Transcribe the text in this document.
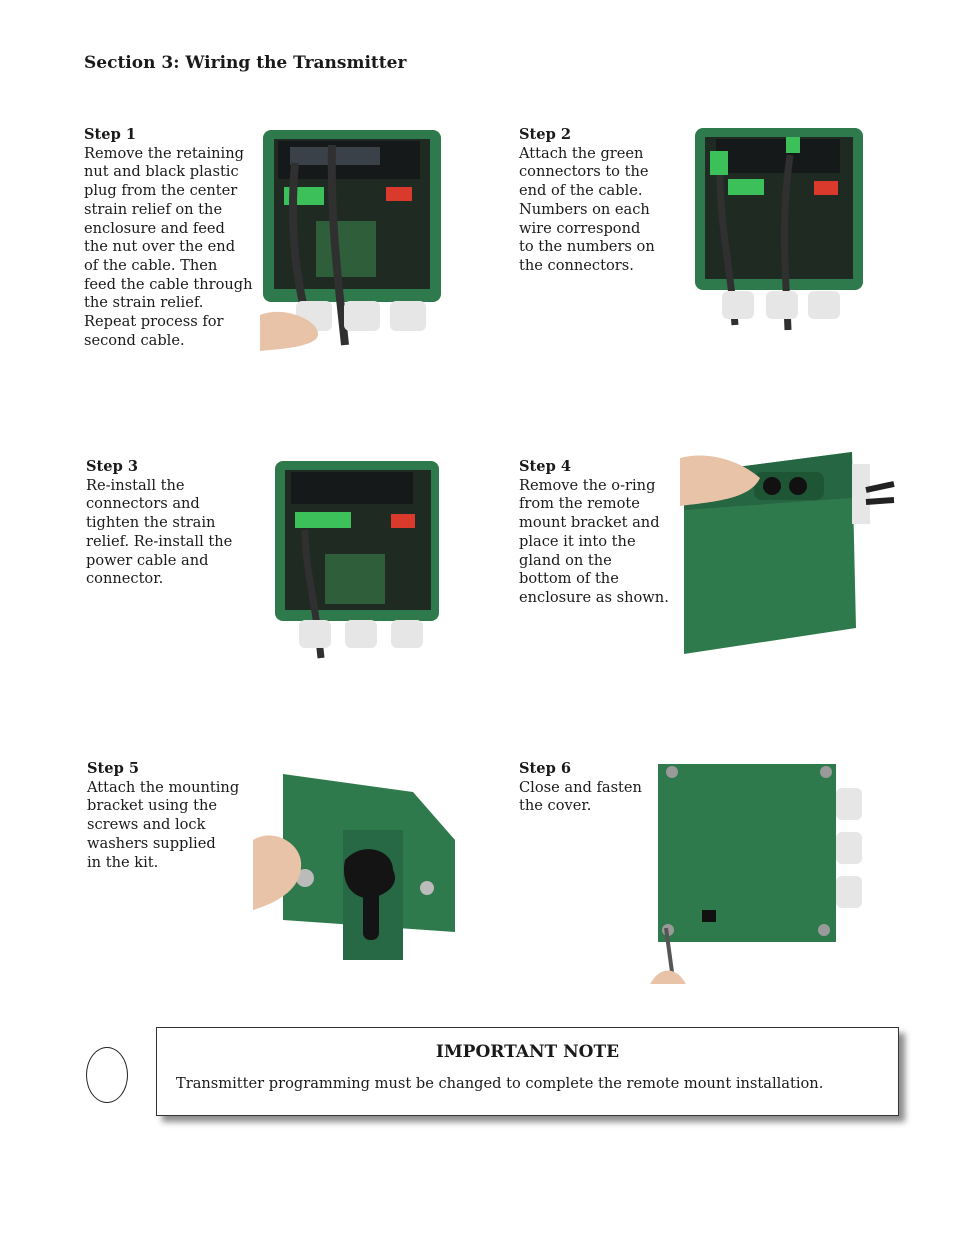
Section 3: Wiring the Transmitter
Step 1
Remove the retaining
nut and black plastic
plug from the center
strain relief on the
enclosure and feed
the nut over the end
of the cable. Then
feed the cable through
the strain relief.
Repeat process for
second cable.
Step 2
Attach the green
connectors to the
end of the cable.
Numbers on each
wire correspond
to the numbers on
the connectors.
Step 3
Re-install the
connectors and
tighten the strain
relief. Re-install the
power cable and
connector.
Step 4
Remove the o-ring
from the remote
mount bracket and
place it into the
gland on the
bottom of the
enclosure as shown.
Step 5
Attach the mounting
bracket using the
screws and lock
washers supplied
in the kit.
Step 6
Close and fasten
the cover.
IMPORTANT NOTE
Transmitter programming must be changed to complete the remote mount installation.
